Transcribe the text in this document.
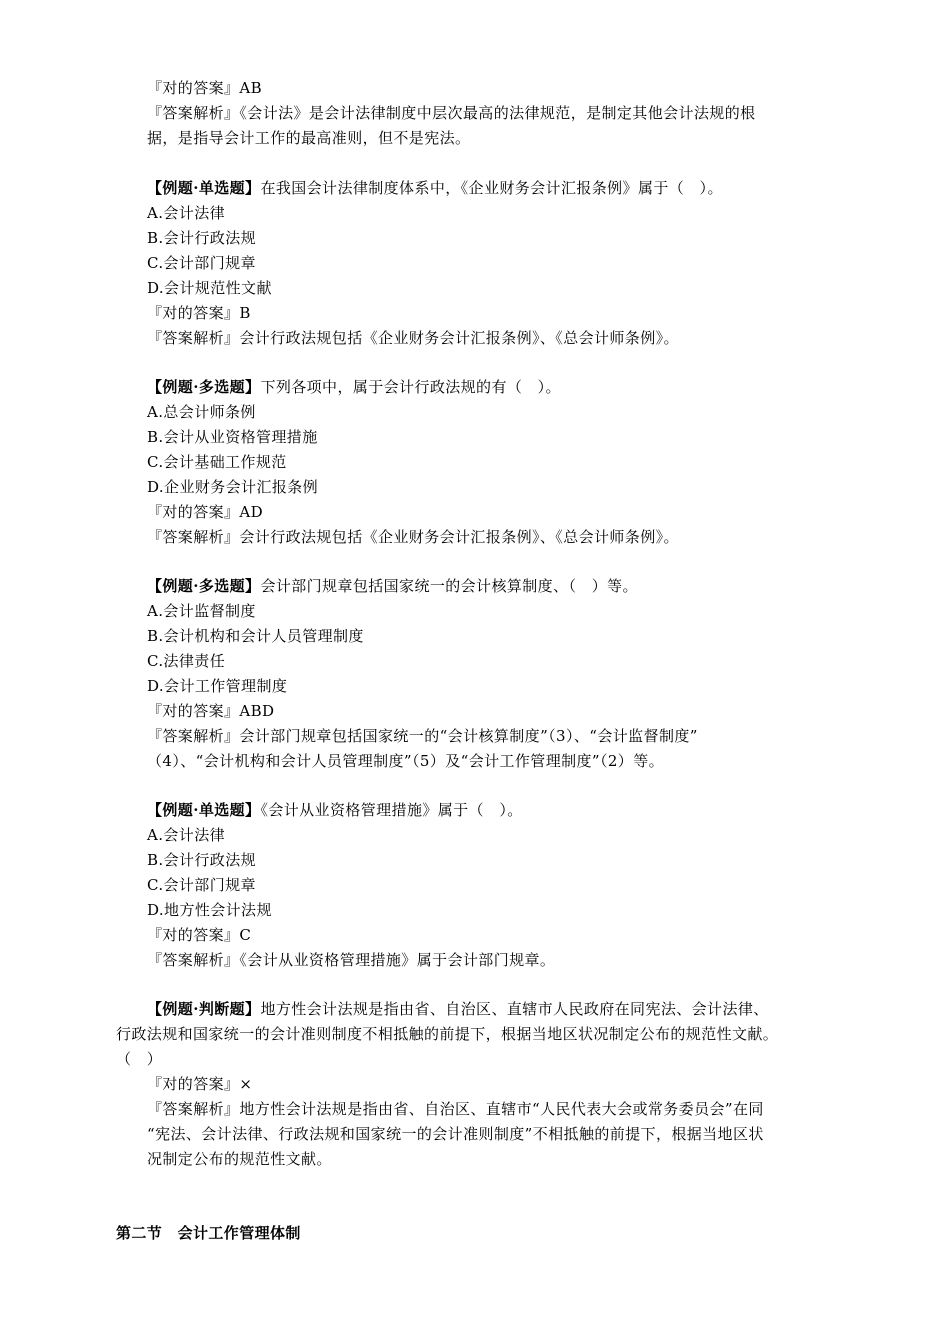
『对的答案』AB

『答案解析』《会计法》是会计法律制度中层次最高的法律规范，是制定其他会计法规的根

据，是指导会计工作的最高准则，但不是宪法。

【例题·单选题】在我国会计法律制度体系中，《企业财务会计汇报条例》属于（　）。

A.会计法律

B.会计行政法规

C.会计部门规章

D.会计规范性文献

『对的答案』B

『答案解析』会计行政法规包括《企业财务会计汇报条例》、《总会计师条例》。

【例题·多选题】下列各项中，属于会计行政法规的有（　）。

A.总会计师条例

B.会计从业资格管理措施

C.会计基础工作规范

D.企业财务会计汇报条例

『对的答案』AD

『答案解析』会计行政法规包括《企业财务会计汇报条例》、《总会计师条例》。

【例题·多选题】会计部门规章包括国家统一的会计核算制度、（　）等。

A.会计监督制度

B.会计机构和会计人员管理制度

C.法律责任

D.会计工作管理制度

『对的答案』ABD

『答案解析』会计部门规章包括国家统一的“会计核算制度”（3）、“会计监督制度”

（4）、“会计机构和会计人员管理制度”（5）及“会计工作管理制度”（2）等。

【例题·单选题】《会计从业资格管理措施》属于（　）。

A.会计法律

B.会计行政法规

C.会计部门规章

D.地方性会计法规

『对的答案』C

『答案解析』《会计从业资格管理措施》属于会计部门规章。

【例题·判断题】地方性会计法规是指由省、自治区、直辖市人民政府在同宪法、会计法律、

行政法规和国家统一的会计准则制度不相抵触的前提下，根据当地区状况制定公布的规范性文献。

（　）

『对的答案』×

『答案解析』地方性会计法规是指由省、自治区、直辖市“人民代表大会或常务委员会”在同

“宪法、会计法律、行政法规和国家统一的会计准则制度”不相抵触的前提下，根据当地区状

况制定公布的规范性文献。

第二节　会计工作管理体制
